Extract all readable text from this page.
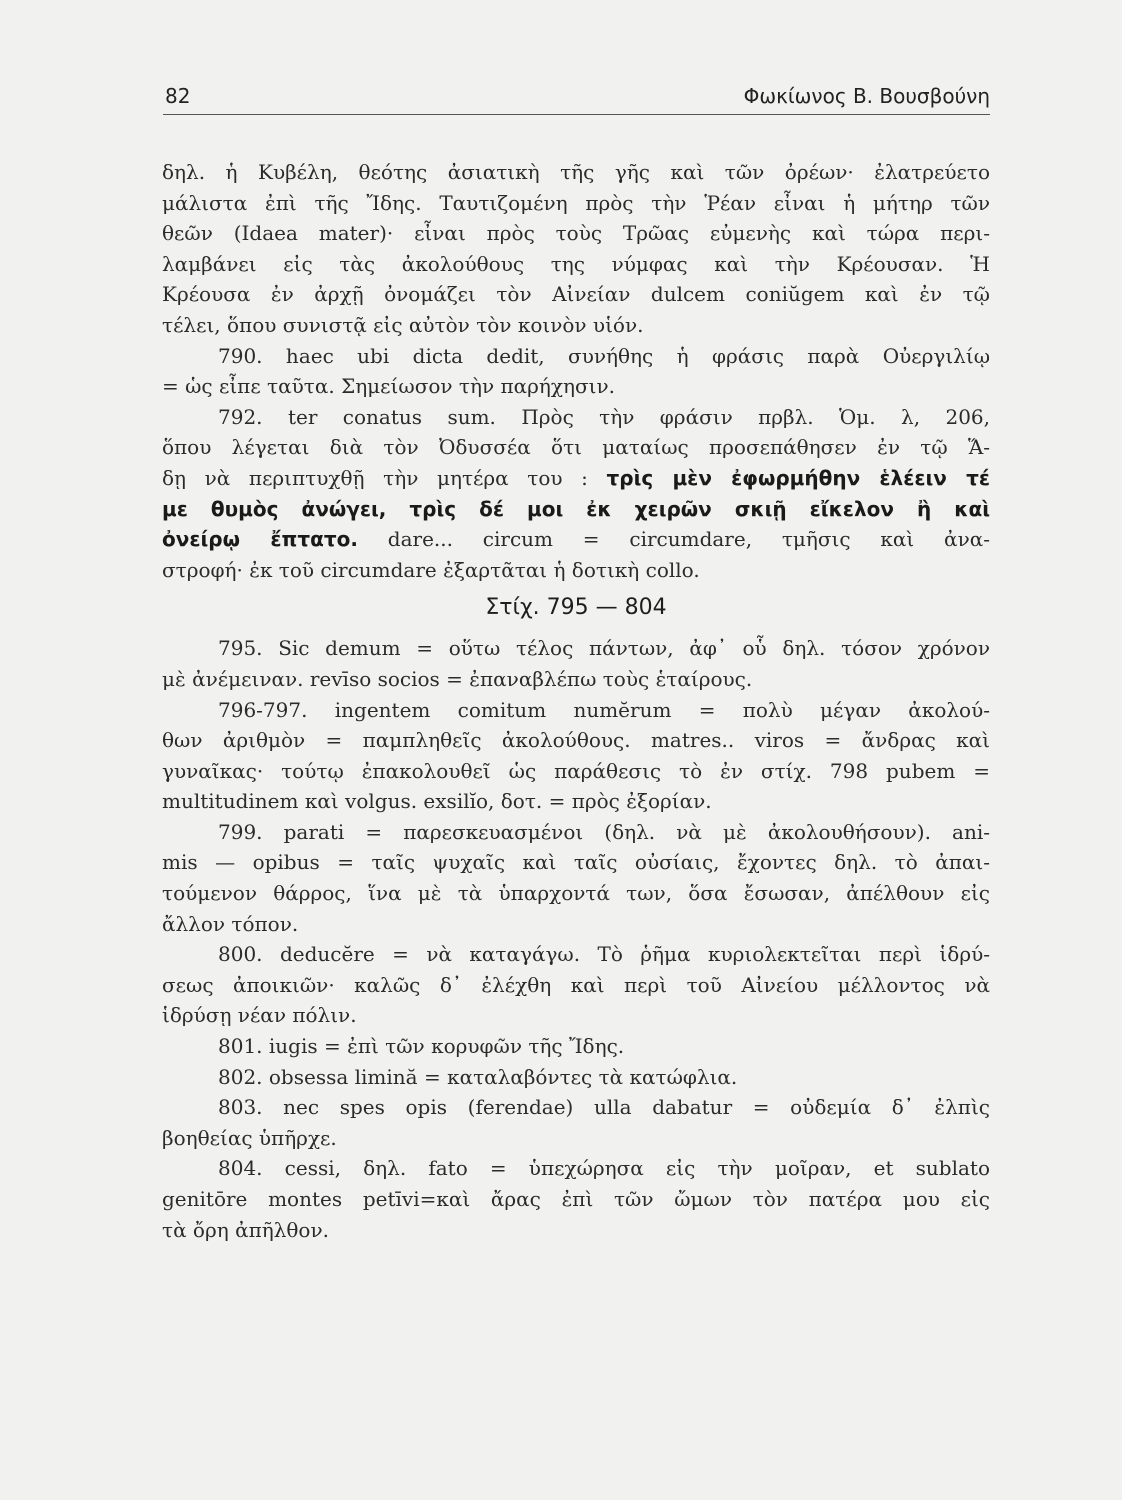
82	Φωκίωνος Β. Βουσβούνη
δηλ. ἡ Κυβέλη, θεότης ἀσιατικὴ τῆς γῆς καὶ τῶν ὀρέων· ἐλατρεύετο
μάλιστα ἐπὶ τῆς Ἴδης. Ταυτιζομένη πρὸς τὴν Ῥέαν εἶναι ἡ μήτηρ τῶν
θεῶν (Idaea mater)· εἶναι πρὸς τοὺς Τρῶας εὐμενὴς καὶ τώρα περι-
λαμβάνει εἰς τὰς ἀκολούθους της νύμφας καὶ τὴν Κρέουσαν. Ἡ
Κρέουσα ἐν ἀρχῇ ὀνομάζει τὸν Αἰνείαν dulcem coniŭgem καὶ ἐν τῷ
τέλει, ὅπου συνιστᾷ εἰς αὐτὸν τὸν κοινὸν υἱόν.
790. haec ubi dicta dedit, συνήθης ἡ φράσις παρὰ Οὐεργιλίῳ
= ὡς εἶπε ταῦτα. Σημείωσον τὴν παρήχησιν.
792. ter conatus sum. Πρὸς τὴν φράσιν πρβλ. Ὁμ. λ, 206,
ὅπου λέγεται διὰ τὸν Ὀδυσσέα ὅτι ματαίως προσεπάθησεν ἐν τῷ Ἅ-
δῃ νὰ περιπτυχθῇ τὴν μητέρα του : τρὶς μὲν ἐφωρμήθην ἑλέειν τέ
με θυμὸς ἀνώγει, τρὶς δέ μοι ἐκ χειρῶν σκιῇ εἴκελον ἢ καὶ
ὀνείρῳ ἔπτατο. dare... circum = circumdare, τμῆσις καὶ ἀνα-
στροφή· ἐκ τοῦ circumdare ἐξαρτᾶται ἡ δοτικὴ collo.
Στίχ. 795 — 804
795. Sic demum = οὕτω τέλος πάντων, ἀφ᾽ οὗ δηλ. τόσον χρόνον
μὲ ἀνέμειναν. revīso socios = ἐπαναβλέπω τοὺς ἑταίρους.
796-797. ingentem comitum numĕrum = πολὺ μέγαν ἀκολού-
θων ἀριθμὸν = παμπληθεῖς ἀκολούθους. matres.. viros = ἄνδρας καὶ
γυναῖκας· τούτῳ ἐπακολουθεῖ ὡς παράθεσις τὸ ἐν στίχ. 798 pubem =
multitudinem καὶ volgus. exsilĭo, δοτ. = πρὸς ἐξορίαν.
799. parati = παρεσκευασμένοι (δηλ. νὰ μὲ ἀκολουθήσουν). ani-
mis — opibus = ταῖς ψυχαῖς καὶ ταῖς οὐσίαις, ἔχοντες δηλ. τὸ ἀπαι-
τούμενον θάρρος, ἵνα μὲ τὰ ὑπαρχοντά των, ὅσα ἔσωσαν, ἀπέλθουν εἰς
ἄλλον τόπον.
800. deducĕre = νὰ καταγάγω. Τὸ ῥῆμα κυριολεκτεῖται περὶ ἱδρύ-
σεως ἀποικιῶν· καλῶς δ᾽ ἐλέχθη καὶ περὶ τοῦ Αἰνείου μέλλοντος νὰ
ἱδρύσῃ νέαν πόλιν.
801. iugis = ἐπὶ τῶν κορυφῶν τῆς Ἴδης.
802. obsessa limină = καταλαβόντες τὰ κατώφλια.
803. nec spes opis (ferendae) ulla dabatur = οὐδεμία δ᾽ ἐλπὶς
βοηθείας ὑπῆρχε.
804. cessi, δηλ. fato = ὑπεχώρησα εἰς τὴν μοῖραν, et sublato
genitōre montes petīvi=καὶ ἄρας ἐπὶ τῶν ὤμων τὸν πατέρα μου εἰς
τὰ ὄρη ἀπῆλθον.
